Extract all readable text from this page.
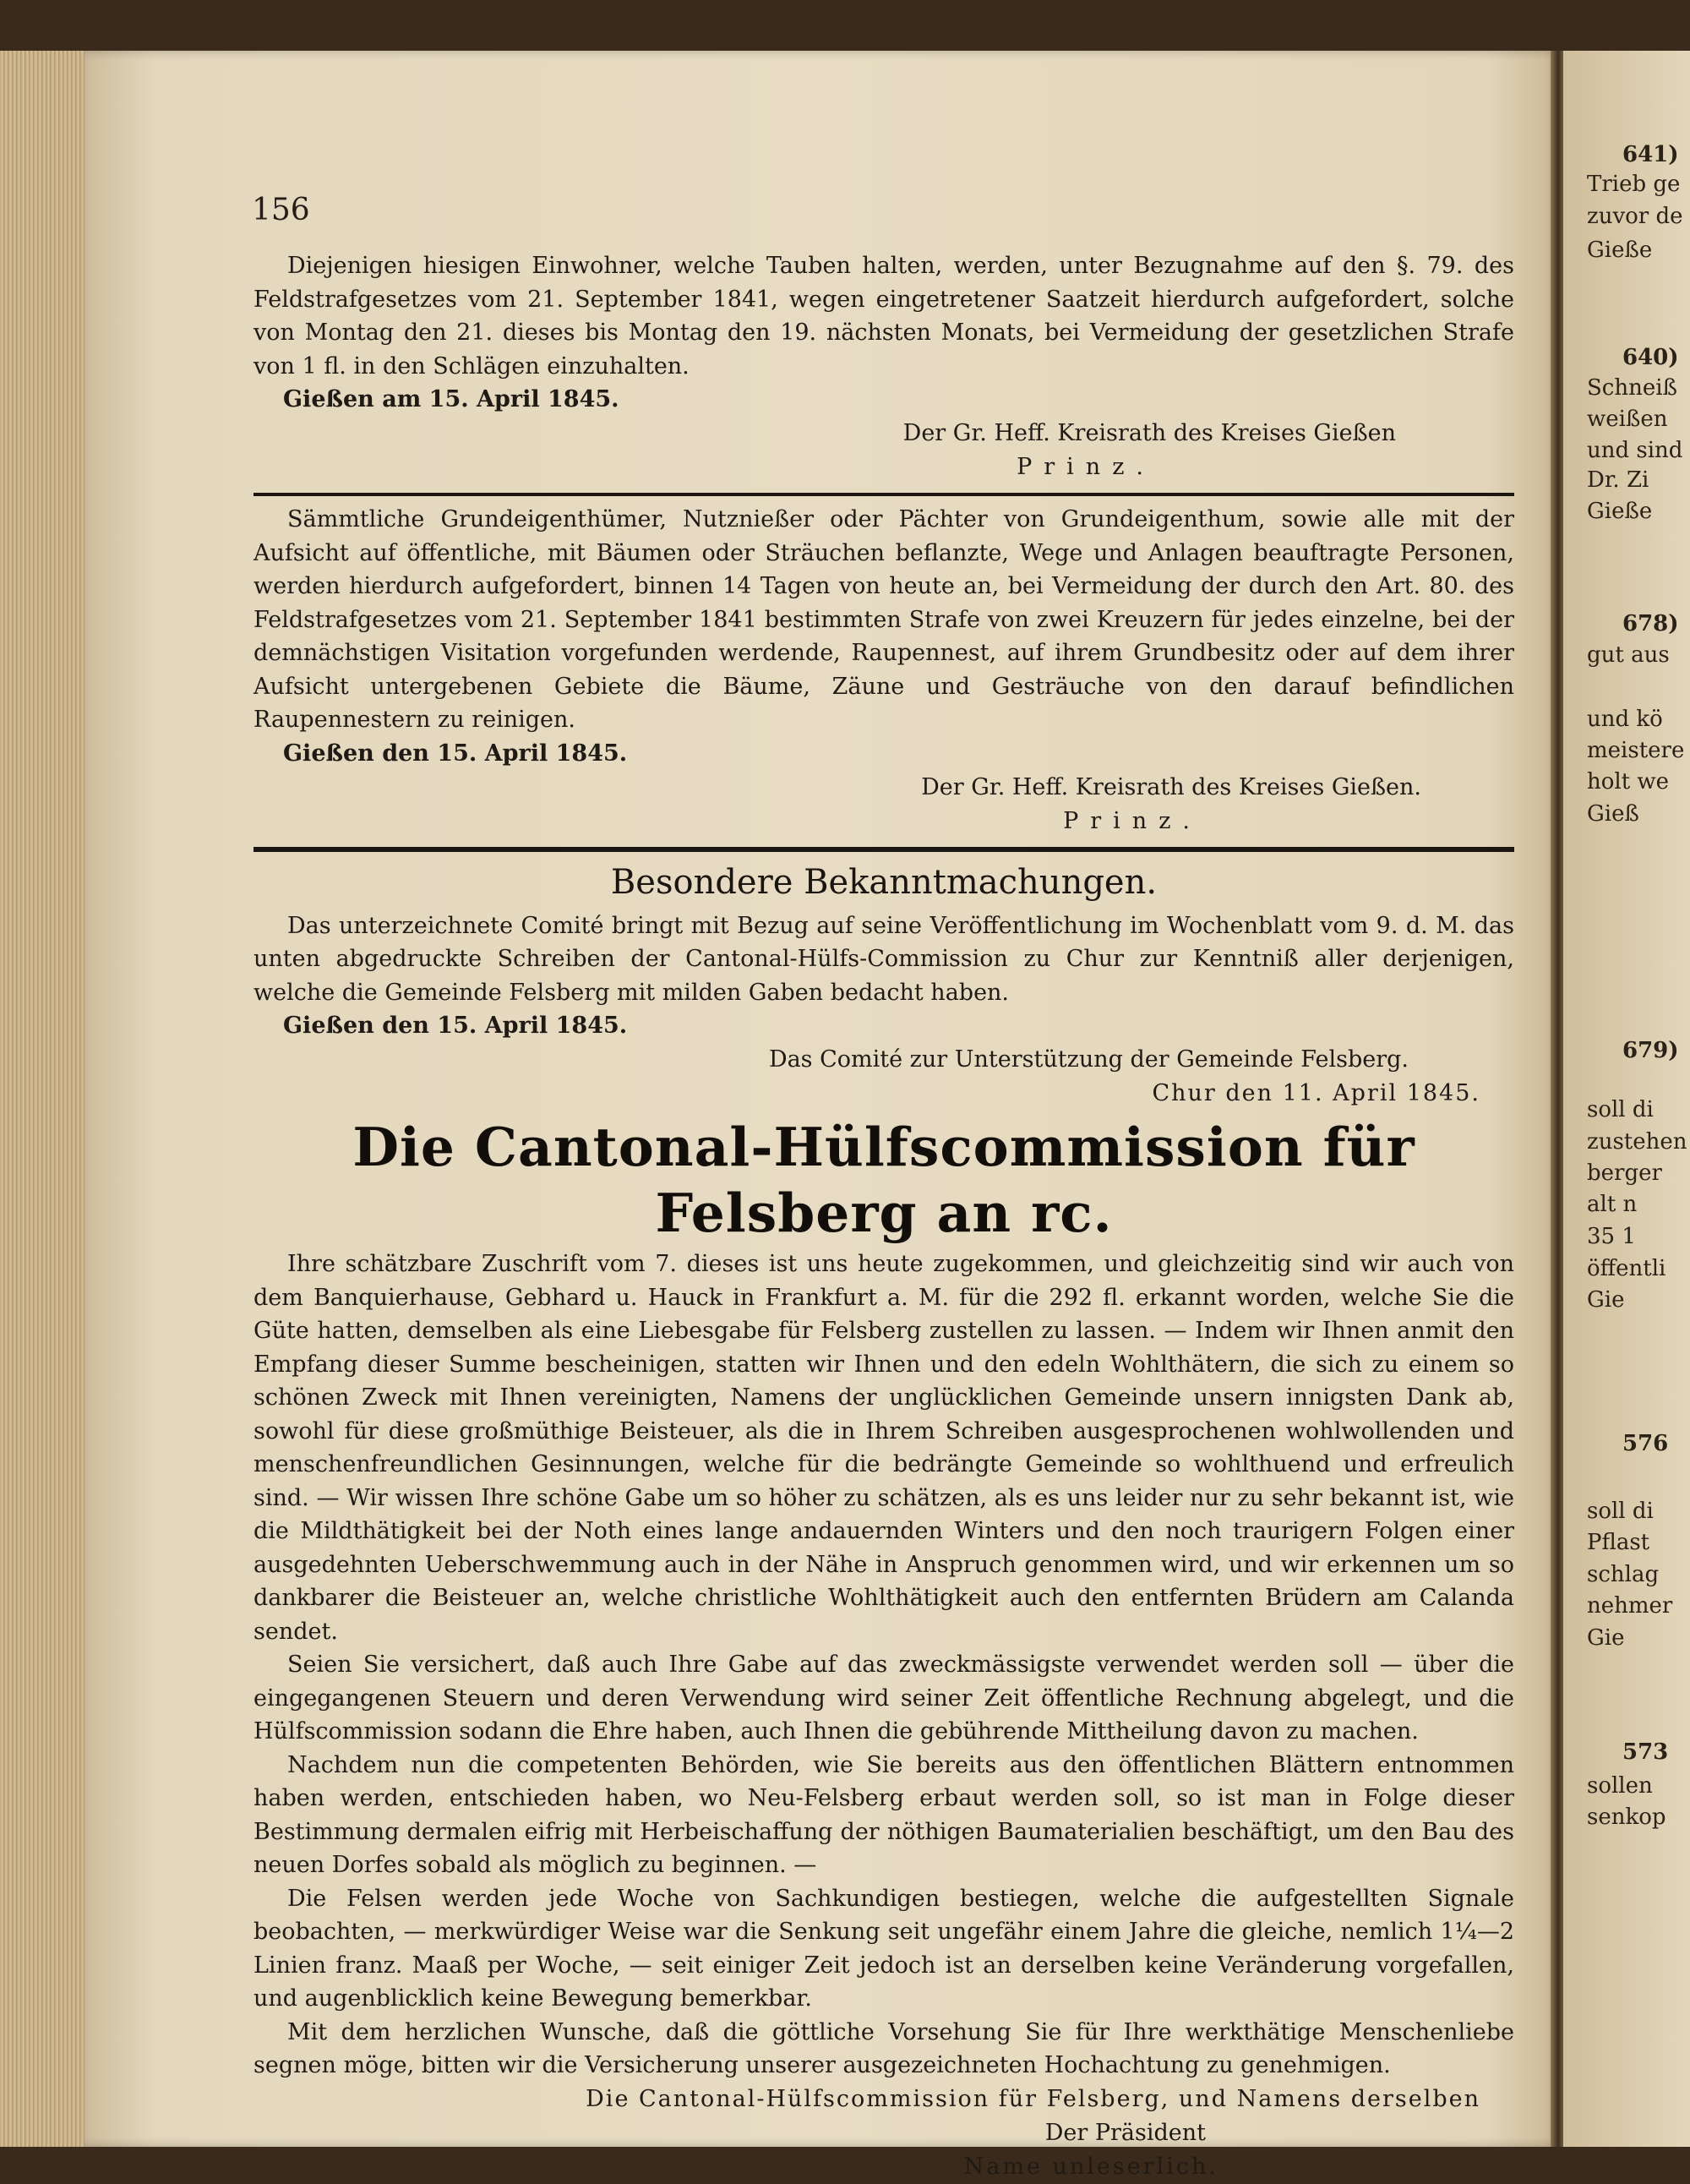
641)
Trieb ge
zuvor de
Gieße
640)
Schneiß
weißen
und sind
Dr. Zi
Gieße
678)
gut aus
und kö
meistere
holt we
Gieß
679)
soll di
zustehen
berger
alt n
35 1
öffentli
Gie
576
soll di
Pflast
schlag
nehmer
Gie
573
sollen
senkop
156

Diejenigen hiesigen Einwohner, welche Tauben halten, werden, unter Bezugnahme auf den §. 79. des Feldstrafgesetzes vom 21. September 1841, wegen eingetretener Saatzeit hierdurch aufgefordert, solche von Montag den 21. dieses bis Montag den 19. nächsten Monats, bei Vermeidung der gesetzlichen Strafe von 1 fl. in den Schlägen einzuhalten.

Gießen am 15. April 1845.

Der Gr. Heff. Kreisrath des Kreises Gießen

Prinz.

Sämmtliche Grundeigenthümer, Nutznießer oder Pächter von Grundeigenthum, sowie alle mit der Aufsicht auf öffentliche, mit Bäumen oder Sträuchen beflanzte, Wege und Anlagen beauftragte Personen, werden hierdurch aufgefordert, binnen 14 Tagen von heute an, bei Vermeidung der durch den Art. 80. des Feldstrafgesetzes vom 21. September 1841 bestimmten Strafe von zwei Kreuzern für jedes einzelne, bei der demnächstigen Visitation vorgefunden werdende, Raupennest, auf ihrem Grundbesitz oder auf dem ihrer Aufsicht untergebenen Gebiete die Bäume, Zäune und Gesträuche von den darauf befindlichen Raupennestern zu reinigen.

Gießen den 15. April 1845.

Der Gr. Heff. Kreisrath des Kreises Gießen.

Prinz.

Besondere Bekanntmachungen.

Das unterzeichnete Comité bringt mit Bezug auf seine Veröffentlichung im Wochenblatt vom 9. d. M. das unten abgedruckte Schreiben der Cantonal-Hülfs-Commission zu Chur zur Kenntniß aller derjenigen, welche die Gemeinde Felsberg mit milden Gaben bedacht haben.

Gießen den 15. April 1845.

Das Comité zur Unterstützung der Gemeinde Felsberg.

Chur den 11. April 1845.

Die Cantonal-Hülfscommission für Felsberg an rc.

Ihre schätzbare Zuschrift vom 7. dieses ist uns heute zugekommen, und gleichzeitig sind wir auch von dem Banquierhause, Gebhard u. Hauck in Frankfurt a. M. für die 292 fl. erkannt worden, welche Sie die Güte hatten, demselben als eine Liebesgabe für Felsberg zustellen zu lassen. — Indem wir Ihnen anmit den Empfang dieser Summe bescheinigen, statten wir Ihnen und den edeln Wohlthätern, die sich zu einem so schönen Zweck mit Ihnen vereinigten, Namens der unglücklichen Gemeinde unsern innigsten Dank ab, sowohl für diese großmüthige Beisteuer, als die in Ihrem Schreiben ausgesprochenen wohlwollenden und menschenfreundlichen Gesinnungen, welche für die bedrängte Gemeinde so wohlthuend und erfreulich sind. — Wir wissen Ihre schöne Gabe um so höher zu schätzen, als es uns leider nur zu sehr bekannt ist, wie die Mildthätigkeit bei der Noth eines lange andauernden Winters und den noch traurigern Folgen einer ausgedehnten Ueberschwemmung auch in der Nähe in Anspruch genommen wird, und wir erkennen um so dankbarer die Beisteuer an, welche christliche Wohlthätigkeit auch den entfernten Brüdern am Calanda sendet.

Seien Sie versichert, daß auch Ihre Gabe auf das zweckmässigste verwendet werden soll — über die eingegangenen Steuern und deren Verwendung wird seiner Zeit öffentliche Rechnung abgelegt, und die Hülfscommission sodann die Ehre haben, auch Ihnen die gebührende Mittheilung davon zu machen.

Nachdem nun die competenten Behörden, wie Sie bereits aus den öffentlichen Blättern entnommen haben werden, entschieden haben, wo Neu-Felsberg erbaut werden soll, so ist man in Folge dieser Bestimmung dermalen eifrig mit Herbeischaffung der nöthigen Baumaterialien beschäftigt, um den Bau des neuen Dorfes sobald als möglich zu beginnen. —

Die Felsen werden jede Woche von Sachkundigen bestiegen, welche die aufgestellten Signale beobachten, — merkwürdiger Weise war die Senkung seit ungefähr einem Jahre die gleiche, nemlich 1¼—2 Linien franz. Maaß per Woche, — seit einiger Zeit jedoch ist an derselben keine Veränderung vorgefallen, und augenblicklich keine Bewegung bemerkbar.

Mit dem herzlichen Wunsche, daß die göttliche Vorsehung Sie für Ihre werkthätige Menschenliebe segnen möge, bitten wir die Versicherung unserer ausgezeichneten Hochachtung zu genehmigen.

Die Cantonal-Hülfscommission für Felsberg, und Namens derselben

Der Präsident

Name unleserlich.
